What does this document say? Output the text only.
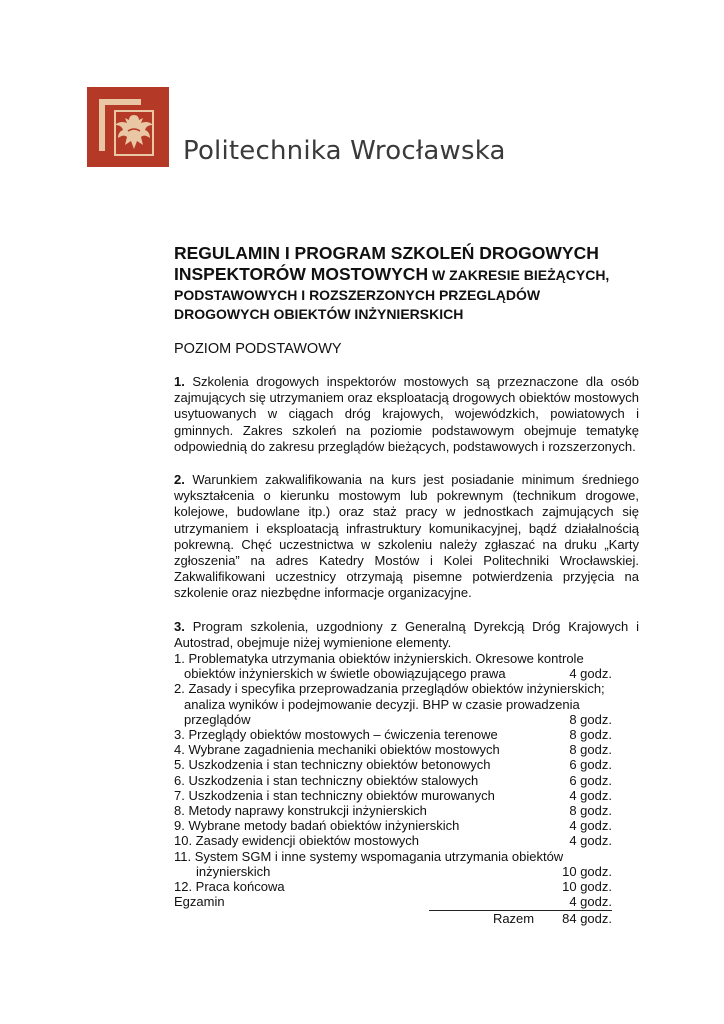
Politechnika Wrocławska

REGULAMIN I PROGRAM SZKOLEŃ DROGOWYCH
INSPEKTORÓW MOSTOWYCH W ZAKRESIE BIEŻĄCYCH,

PODSTAWOWYCH I ROZSZERZONYCH PRZEGLĄDÓW
DROGOWYCH OBIEKTÓW INŻYNIERSKICH

POZIOM PODSTAWOWY
1. Szkolenia drogowych inspektorów mostowych są przeznaczone dla osób zajmujących się utrzymaniem oraz eksploatacją drogowych obiektów mostowych usytuowanych w ciągach dróg krajowych, wojewódzkich, powiatowych i gminnych. Zakres szkoleń na poziomie podstawowym obejmuje tematykę odpowiednią do zakresu przeglądów bieżących, podstawowych i rozszerzonych.
2. Warunkiem zakwalifikowania na kurs jest posiadanie minimum średniego wykształcenia o kierunku mostowym lub pokrewnym (technikum drogowe, kolejowe, budowlane itp.) oraz staż pracy w jednostkach zajmujących się utrzymaniem i eksploatacją infrastruktury komunikacyjnej, bądź działalnością pokrewną. Chęć uczestnictwa w szkoleniu należy zgłaszać na druku „Karty zgłoszenia” na adres Katedry Mostów i Kolei Politechniki Wrocławskiej. Zakwalifikowani uczestnicy otrzymają pisemne potwierdzenia przyjęcia na szkolenie oraz niezbędne informacje organizacyjne.
3. Program szkolenia, uzgodniony z Generalną Dyrekcją Dróg Krajowych i Autostrad, obejmuje niżej wymienione elementy.
1. Problematyka utrzymania obiektów inżynierskich. Okresowe kontrole
obiektów inżynierskich w świetle obowiązującego prawa	4 godz.
2. Zasady i specyfika przeprowadzania przeglądów obiektów inżynierskich;
analiza wyników i podejmowanie decyzji. BHP w czasie prowadzenia
przeglądów	8 godz.
3. Przeglądy obiektów mostowych – ćwiczenia terenowe	8 godz.
4. Wybrane zagadnienia mechaniki obiektów mostowych	8 godz.
5. Uszkodzenia i stan techniczny obiektów betonowych	6 godz.
6. Uszkodzenia i stan techniczny obiektów stalowych	6 godz.
7. Uszkodzenia i stan techniczny obiektów murowanych	4 godz.
8. Metody naprawy konstrukcji inżynierskich	8 godz.
9. Wybrane metody badań obiektów inżynierskich	4 godz.
10. Zasady ewidencji obiektów mostowych	4 godz.
11. System SGM i inne systemy wspomagania utrzymania obiektów
inżynierskich	10 godz.
12. Praca końcowa	10 godz.
Egzamin	4 godz.
Razem 84 godz.
